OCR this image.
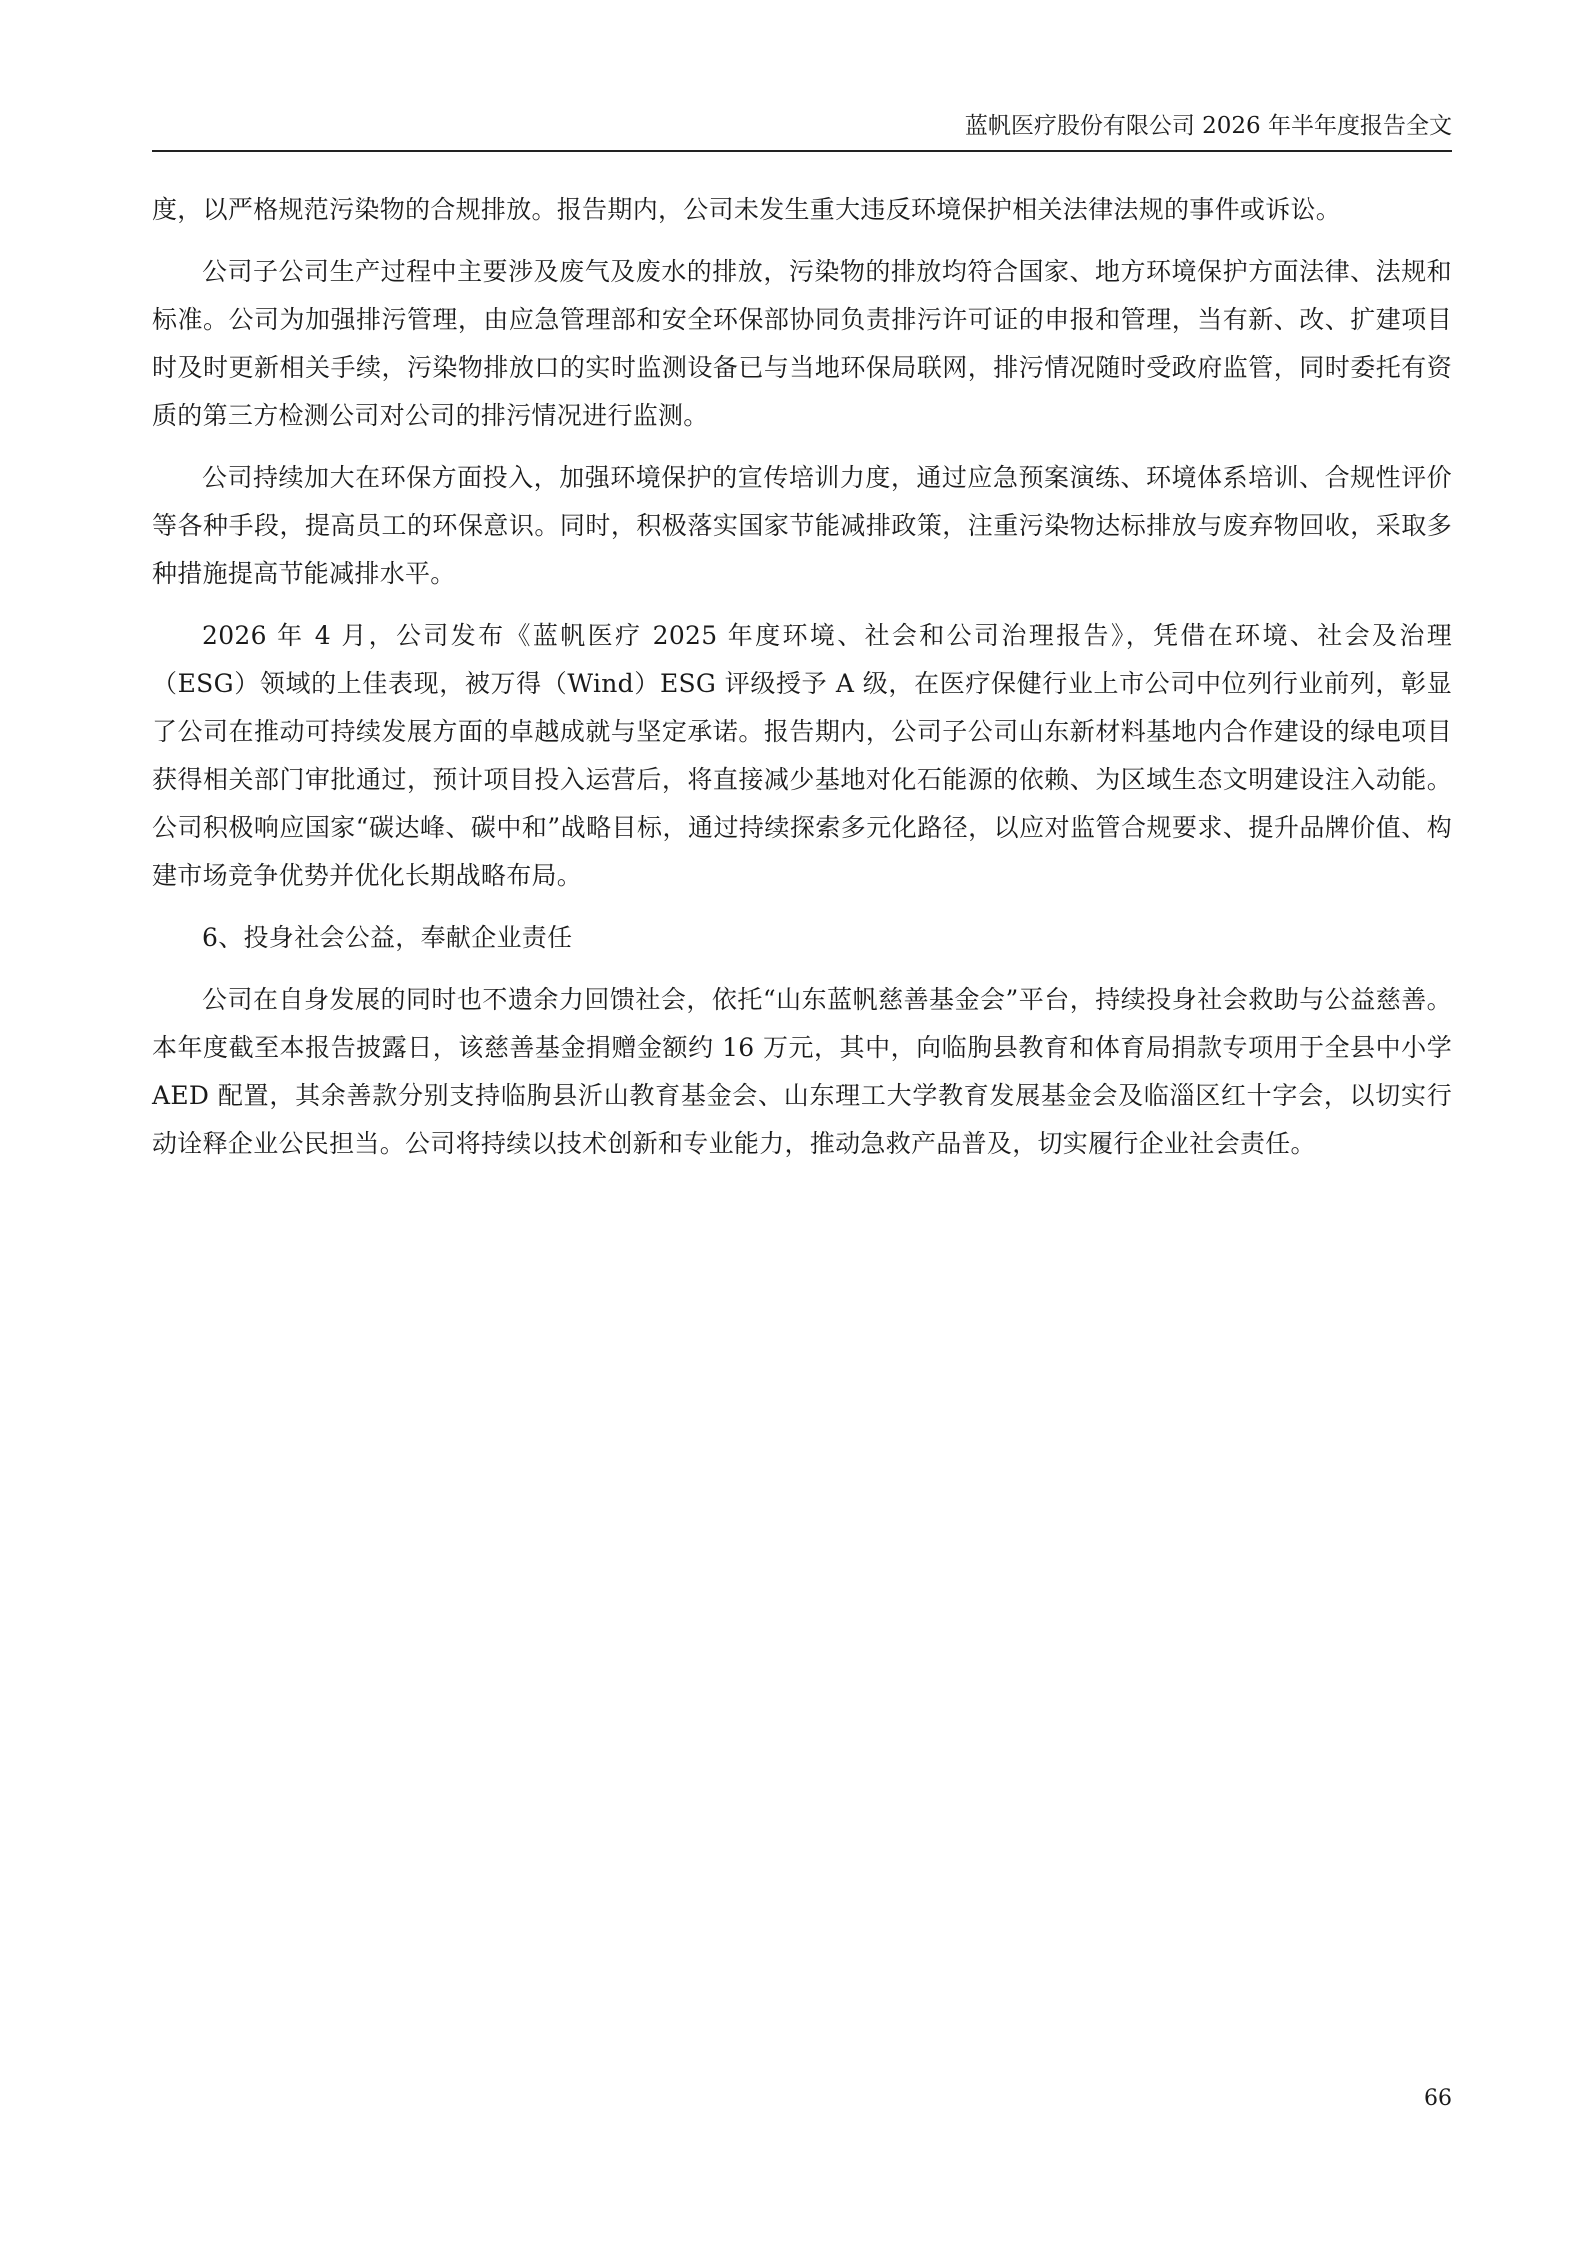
蓝帆医疗股份有限公司 2026 年半年度报告全文

度，以严格规范污染物的合规排放。报告期内，公司未发生重大违反环境保护相关法律法规的事件或诉讼。

公司子公司生产过程中主要涉及废气及废水的排放，污染物的排放均符合国家、地方环境保护方面法律、法规和标准。公司为加强排污管理，由应急管理部和安全环保部协同负责排污许可证的申报和管理，当有新、改、扩建项目时及时更新相关手续，污染物排放口的实时监测设备已与当地环保局联网，排污情况随时受政府监管，同时委托有资质的第三方检测公司对公司的排污情况进行监测。

公司持续加大在环保方面投入，加强环境保护的宣传培训力度，通过应急预案演练、环境体系培训、合规性评价等各种手段，提高员工的环保意识。同时，积极落实国家节能减排政策，注重污染物达标排放与废弃物回收，采取多种措施提高节能减排水平。

2026 年 4 月，公司发布《蓝帆医疗 2025 年度环境、社会和公司治理报告》，凭借在环境、社会及治理（ESG）领域的上佳表现，被万得（Wind）ESG 评级授予 A 级，在医疗保健行业上市公司中位列行业前列，彰显了公司在推动可持续发展方面的卓越成就与坚定承诺。报告期内，公司子公司山东新材料基地内合作建设的绿电项目获得相关部门审批通过，预计项目投入运营后，将直接减少基地对化石能源的依赖、为区域生态文明建设注入动能。公司积极响应国家“碳达峰、碳中和”战略目标，通过持续探索多元化路径，以应对监管合规要求、提升品牌价值、构建市场竞争优势并优化长期战略布局。

6、投身社会公益，奉献企业责任

公司在自身发展的同时也不遗余力回馈社会，依托“山东蓝帆慈善基金会”平台，持续投身社会救助与公益慈善。本年度截至本报告披露日，该慈善基金捐赠金额约 16 万元，其中，向临朐县教育和体育局捐款专项用于全县中小学 AED 配置，其余善款分别支持临朐县沂山教育基金会、山东理工大学教育发展基金会及临淄区红十字会，以切实行动诠释企业公民担当。公司将持续以技术创新和专业能力，推动急救产品普及，切实履行企业社会责任。

66
